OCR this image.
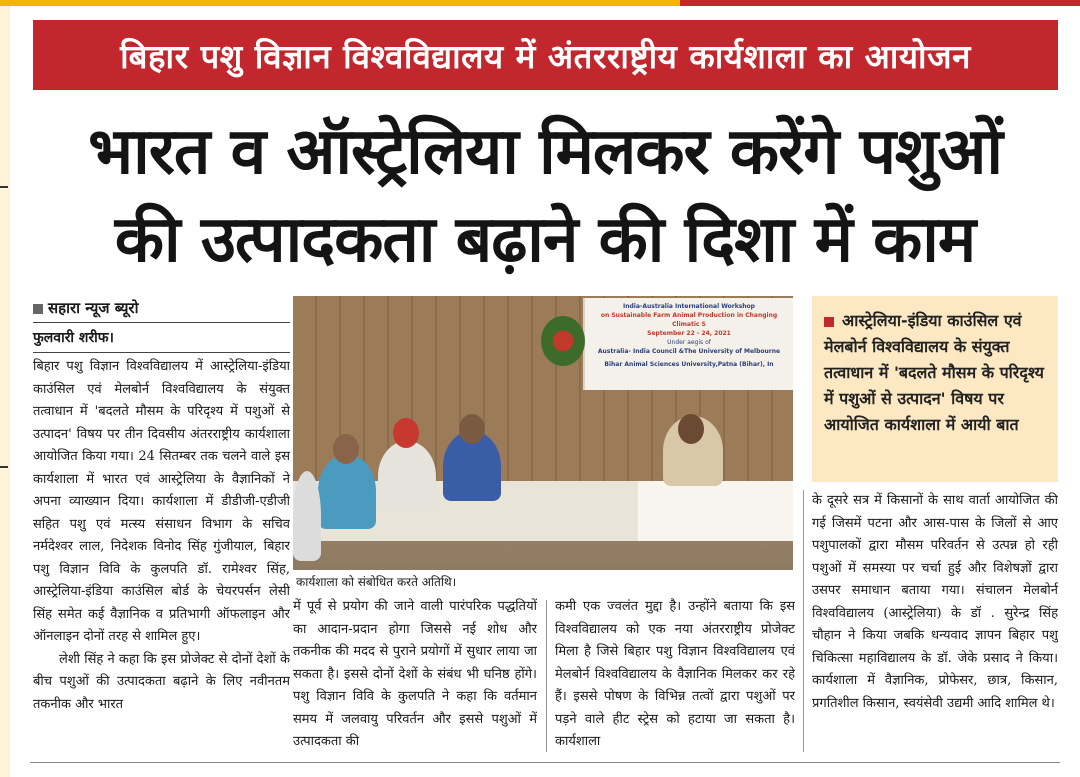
बिहार पशु विज्ञान विश्वविद्यालय में अंतरराष्ट्रीय कार्यशाला का आयोजन
भारत व ऑस्ट्रेलिया मिलकर करेंगे पशुओं
की उत्पादकता बढ़ाने की दिशा में काम
सहारा न्यूज ब्यूरो
फुलवारी शरीफ।

बिहार पशु विज्ञान विश्वविद्यालय में आस्ट्रेलिया-इंडिया काउंसिल एवं मेलबोर्न विश्वविद्यालय के संयुक्त तत्वाधान में 'बदलते मौसम के परिदृश्य में पशुओं से उत्पादन' विषय पर तीन दिवसीय अंतरराष्ट्रीय कार्यशाला आयोजित किया गया। 24 सितम्बर तक चलने वाले इस कार्यशाला में भारत एवं आस्ट्रेलिया के वैज्ञानिकों ने अपना व्याख्यान दिया। कार्यशाला में डीडीजी-एडीजी सहित पशु एवं मत्स्य संसाधन विभाग के सचिव नर्मदेश्वर लाल, निदेशक विनोद सिंह गुंजीयाल, बिहार पशु विज्ञान विवि के कुलपति डॉ. रामेश्वर सिंह, आस्ट्रेलिया-इंडिया काउंसिल बोर्ड के चेयरपर्सन लेसी सिंह समेत कई वैज्ञानिक व प्रतिभागी ऑफलाइन और ऑनलाइन दोनों तरह से शामिल हुए।

लेशी सिंह ने कहा कि इस प्रोजेक्ट से दोनों देशों के बीच पशुओं की उत्पादकता बढ़ाने के लिए नवीनतम तकनीक और भारत

India-Australia International Workshop
on Sustainable Farm Animal Production in Changing Climatic S
September 22 - 24, 2021
Under aegis of
Australia- India Council &The University of Melbourne
Bihar Animal Sciences University,Patna (Bihar), In
कार्यशाला को संबोधित करते अतिथि।
में पूर्व से प्रयोग की जाने वाली पारंपरिक पद्धतियों का आदान-प्रदान होगा जिससे नई शोध और तकनीक की मदद से पुराने प्रयोगों में सुधार लाया जा सकता है। इससे दोनों देशों के संबंध भी घनिष्ठ होंगे। पशु विज्ञान विवि के कुलपति ने कहा कि वर्तमान समय में जलवायु परिवर्तन और इससे पशुओं में उत्पादकता की
कमी एक ज्वलंत मुद्दा है। उन्होंने बताया कि इस विश्वविद्यालय को एक नया अंतरराष्ट्रीय प्रोजेक्ट मिला है जिसे बिहार पशु विज्ञान विश्वविद्यालय एवं मेलबोर्न विश्वविद्यालय के वैज्ञानिक मिलकर कर रहे हैं। इससे पोषण के विभिन्न तत्वों द्वारा पशुओं पर पड़ने वाले हीट स्ट्रेस को हटाया जा सकता है। कार्यशाला
आस्ट्रेलिया-इंडिया काउंसिल एवं मेलबोर्न विश्वविद्यालय के संयुक्त तत्वाधान में 'बदलते मौसम के परिदृश्य में पशुओं से उत्पादन' विषय पर आयोजित कार्यशाला में आयी बात
के दूसरे सत्र में किसानों के साथ वार्ता आयोजित की गई जिसमें पटना और आस-पास के जिलों से आए पशुपालकों द्वारा मौसम परिवर्तन से उत्पन्न हो रही पशुओं में समस्या पर चर्चा हुई और विशेषज्ञों द्वारा उसपर समाधान बताया गया। संचालन मेलबोर्न विश्वविद्यालय (आस्ट्रेलिया) के डॉ . सुरेन्द्र सिंह चौहान ने किया जबकि धन्यवाद ज्ञापन बिहार पशु चिकित्सा महाविद्यालय के डॉ. जेके प्रसाद ने किया। कार्यशाला में वैज्ञानिक, प्रोफेसर, छात्र, किसान, प्रगतिशील किसान, स्वयंसेवी उद्यमी आदि शामिल थे।
